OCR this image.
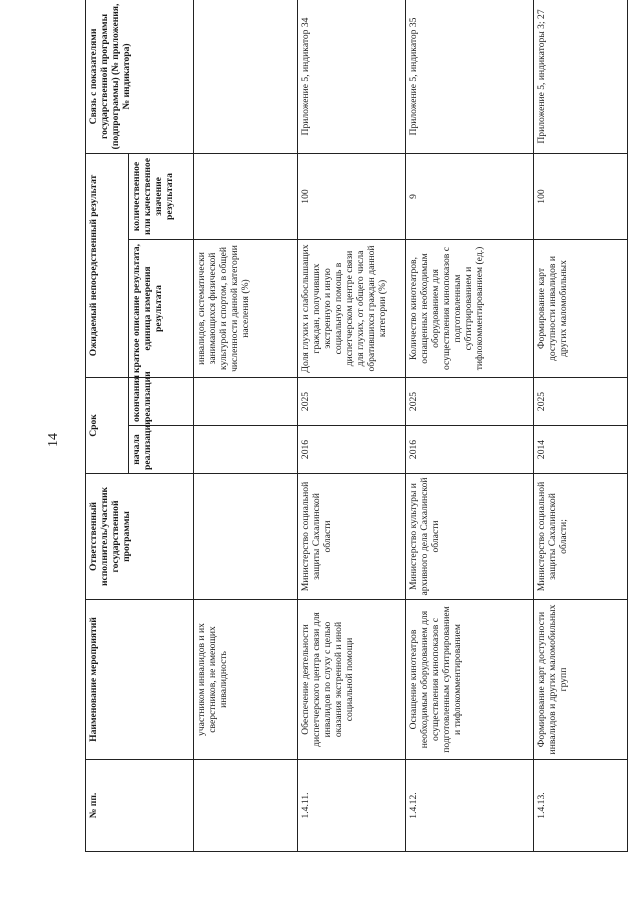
14
№ пп.	Наименование мероприятий	Ответственный исполнитель/участник государственной программы	Срок		Ожидаемый непосредственный результат		Связь с показателями государственной программы (подпрограммы) (№ приложения, № индикатора)
			начала реализации	окончания реализации	краткое описание результата, единица измерения результата	количественное или качественное значение результата	
	участником инвалидов и их сверстников, не имеющих инвалидность				инвалидов, систематически занимающихся физической культурой и спортом, в общей численности данной категории населения (%)		
1.4.11.	Обеспечение деятельности диспетчерского центра связи для инвалидов по слуху с целью оказания экстренной и иной социальной помощи	Министерство социальной защиты Сахалинской области	2016	2025	Доля глухих и слабослышащих граждан, получивших экстренную и иную социальную помощь в диспетчерском центре связи для глухих, от общего числа обратившихся граждан данной категории (%)	100	Приложение 5, индикатор 34
1.4.12.	Оснащение кинотеатров необходимым оборудованием для осуществления кинопоказов с подготовленным субтитрированием и тифлокомментированием	Министерство культуры и архивного дела Сахалинской области	2016	2025	Количество кинотеатров, оснащенных необходимым оборудованием для осуществления кинопоказов с подготовленным субтитрированием и тифлокомментированием (ед.)	9	Приложение 5, индикатор 35
1.4.13.	Формирование карт доступности инвалидов и других маломобильных групп	Министерство социальной защиты Сахалинской области;	2014	2025	Формирование карт доступности инвалидов и других маломобильных	100	Приложение 5, индикаторы 3; 27
